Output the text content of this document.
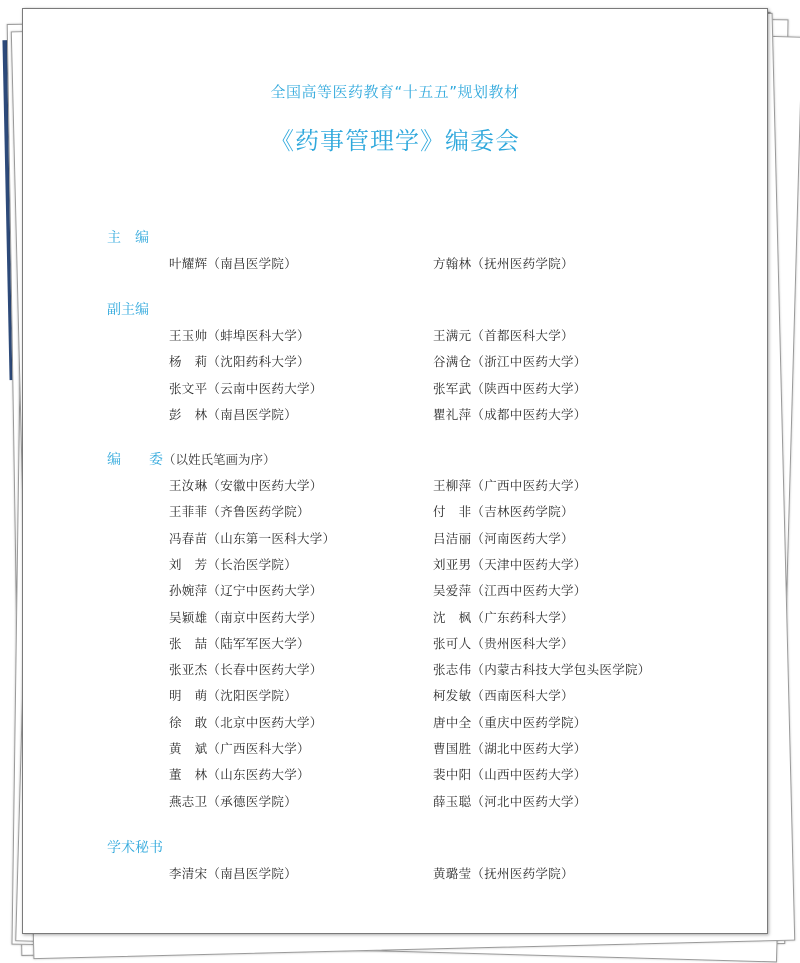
全国高等医药教育“十五五”规划教材
《药事管理学》编委会
主　编
叶耀辉（南昌医学院）	方翰林（抚州医药学院）
副主编
王玉帅（蚌埠医科大学）	王满元（首都医科大学）
杨　莉（沈阳药科大学）	谷满仓（浙江中医药大学）
张文平（云南中医药大学）	张军武（陕西中医药大学）
彭　林（南昌医学院）	瞿礼萍（成都中医药大学）
编　　委（以姓氏笔画为序）
王汝琳（安徽中医药大学）	王柳萍（广西中医药大学）
王菲菲（齐鲁医药学院）	付　非（吉林医药学院）
冯春苗（山东第一医科大学）	吕洁丽（河南医药大学）
刘　芳（长治医学院）	刘亚男（天津中医药大学）
孙婉萍（辽宁中医药大学）	吴爱萍（江西中医药大学）
吴颖雄（南京中医药大学）	沈　枫（广东药科大学）
张　喆（陆军军医大学）	张可人（贵州医科大学）
张亚杰（长春中医药大学）	张志伟（内蒙古科技大学包头医学院）
明　萌（沈阳医学院）	柯发敏（西南医科大学）
徐　敢（北京中医药大学）	唐中全（重庆中医药学院）
黄　斌（广西医科大学）	曹国胜（湖北中医药大学）
董　林（山东医药大学）	裴中阳（山西中医药大学）
燕志卫（承德医学院）	薛玉聪（河北中医药大学）
学术秘书
李清宋（南昌医学院）	黄璐莹（抚州医药学院）
